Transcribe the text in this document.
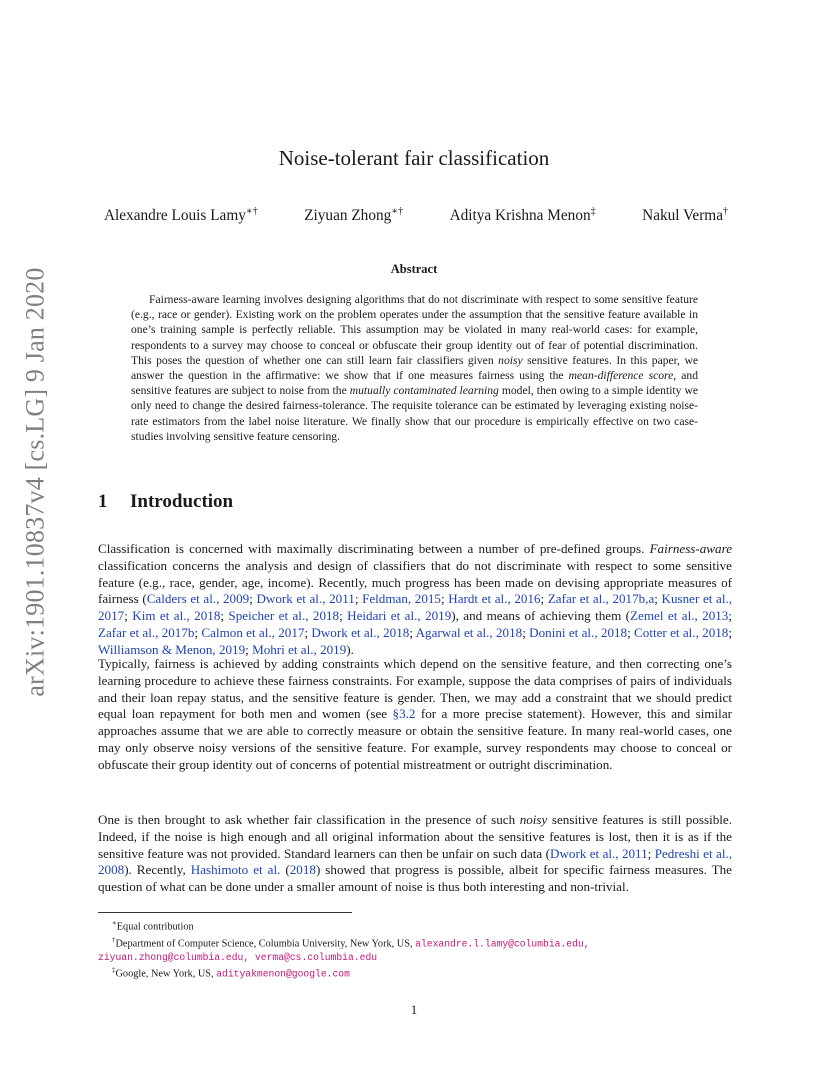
arXiv:1901.10837v4 [cs.LG] 9 Jan 2020
Noise-tolerant fair classification
Alexandre Louis Lamy∗†	Ziyuan Zhong∗†	Aditya Krishna Menon‡	Nakul Verma†
Abstract

Fairness-aware learning involves designing algorithms that do not discriminate with respect to some sensitive feature (e.g., race or gender). Existing work on the problem operates under the assumption that the sensitive feature available in one’s training sample is perfectly reliable. This assumption may be violated in many real-world cases: for example, respondents to a survey may choose to conceal or obfuscate their group identity out of fear of potential discrimination. This poses the question of whether one can still learn fair classifiers given noisy sensitive features. In this paper, we answer the question in the affirmative: we show that if one measures fairness using the mean-difference score, and sensitive features are subject to noise from the mutually contaminated learning model, then owing to a simple identity we only need to change the desired fairness-tolerance. The requisite tolerance can be estimated by leveraging existing noise-rate estimators from the label noise literature. We finally show that our procedure is empirically effective on two case-studies involving sensitive feature censoring.

1 Introduction

Classification is concerned with maximally discriminating between a number of pre-defined groups. Fairness-aware classification concerns the analysis and design of classifiers that do not discriminate with respect to some sensitive feature (e.g., race, gender, age, income). Recently, much progress has been made on devising appropriate measures of fairness (Calders et al., 2009; Dwork et al., 2011; Feldman, 2015; Hardt et al., 2016; Zafar et al., 2017b,a; Kusner et al., 2017; Kim et al., 2018; Speicher et al., 2018; Heidari et al., 2019), and means of achieving them (Zemel et al., 2013; Zafar et al., 2017b; Calmon et al., 2017; Dwork et al., 2018; Agarwal et al., 2018; Donini et al., 2018; Cotter et al., 2018; Williamson & Menon, 2019; Mohri et al., 2019).

Typically, fairness is achieved by adding constraints which depend on the sensitive feature, and then correcting one’s learning procedure to achieve these fairness constraints. For example, suppose the data comprises of pairs of individuals and their loan repay status, and the sensitive feature is gender. Then, we may add a constraint that we should predict equal loan repayment for both men and women (see §3.2 for a more precise statement). However, this and similar approaches assume that we are able to correctly measure or obtain the sensitive feature. In many real-world cases, one may only observe noisy versions of the sensitive feature. For example, survey respondents may choose to conceal or obfuscate their group identity out of concerns of potential mistreatment or outright discrimination.

One is then brought to ask whether fair classification in the presence of such noisy sensitive features is still possible. Indeed, if the noise is high enough and all original information about the sensitive features is lost, then it is as if the sensitive feature was not provided. Standard learners can then be unfair on such data (Dwork et al., 2011; Pedreshi et al., 2008). Recently, Hashimoto et al. (2018) showed that progress is possible, albeit for specific fairness measures. The question of what can be done under a smaller amount of noise is thus both interesting and non-trivial.

∗Equal contribution
†Department of Computer Science, Columbia University, New York, US, alexandre.l.lamy@columbia.edu, ziyuan.zhong@columbia.edu, verma@cs.columbia.edu
‡Google, New York, US, adityakmenon@google.com
1
